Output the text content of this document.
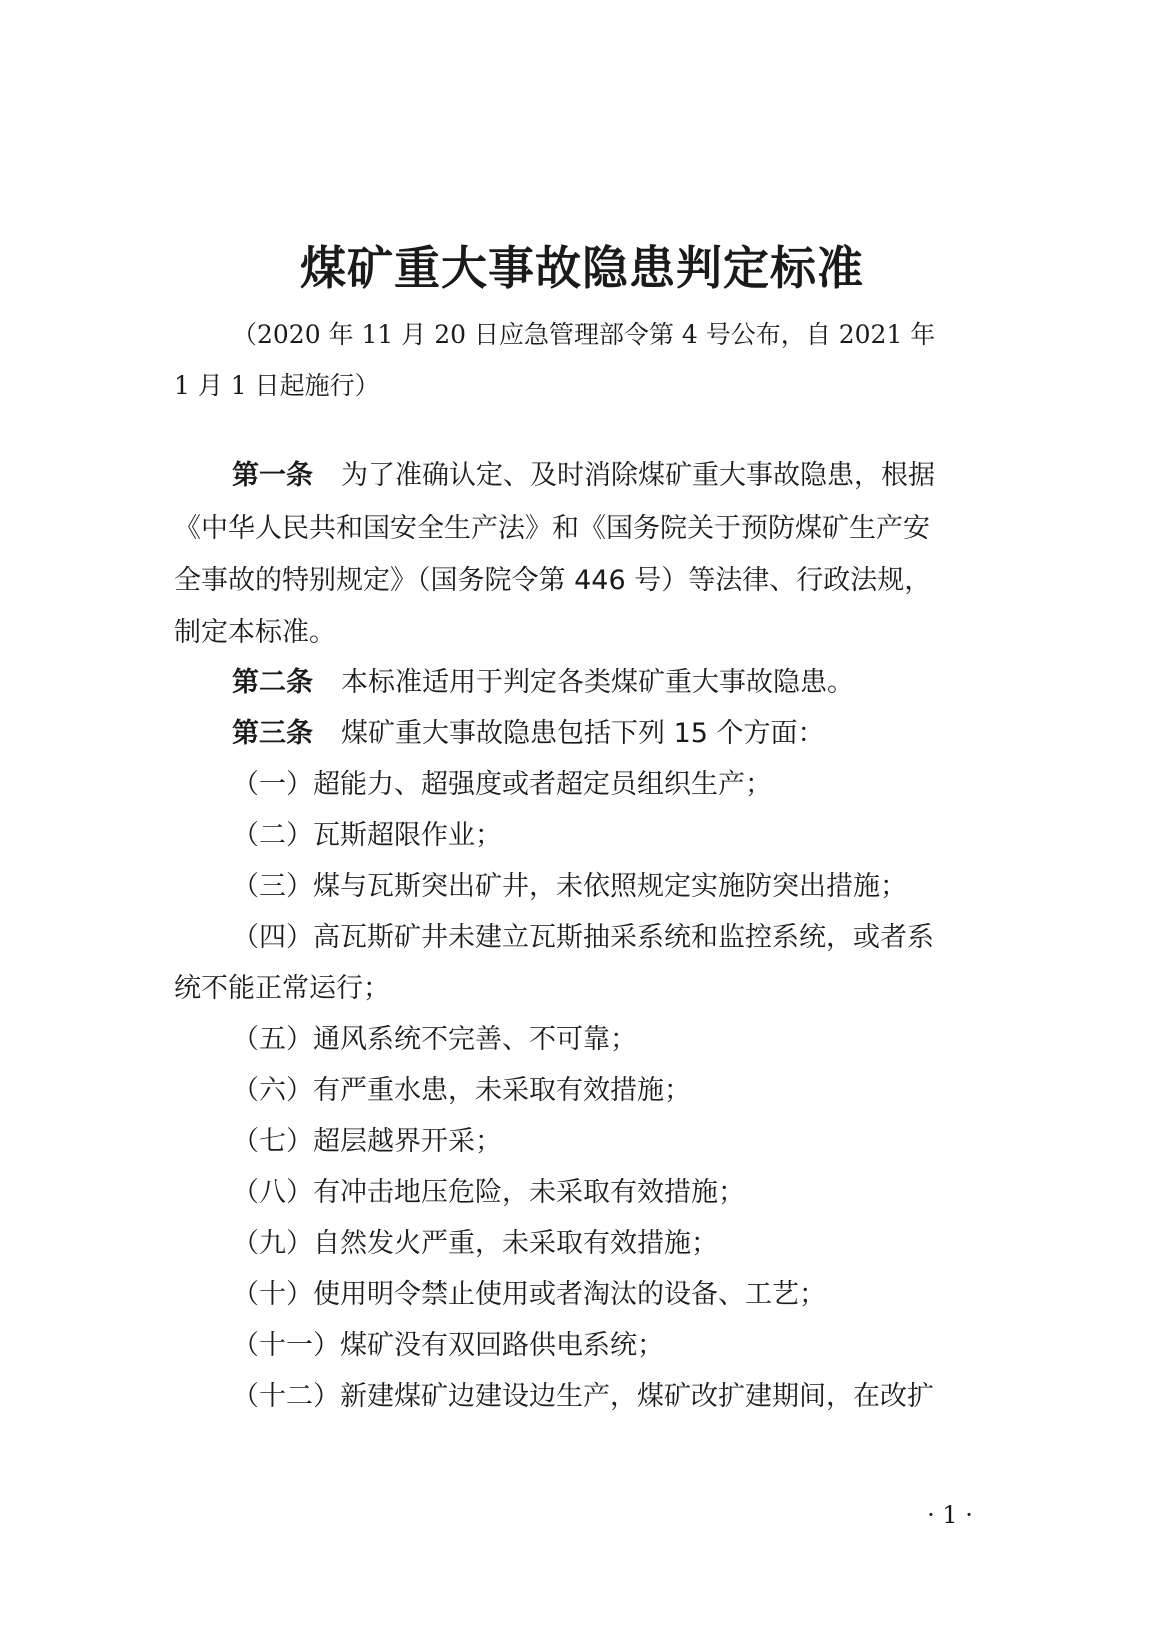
煤矿重大事故隐患判定标准

（2020 年 11 月 20 日应急管理部令第 4 号公布，自 2021 年

1 月 1 日起施行）

第一条 为了准确认定、及时消除煤矿重大事故隐患，根据

《中华人民共和国安全生产法》和《国务院关于预防煤矿生产安

全事故的特别规定》（国务院令第 446 号）等法律、行政法规，

制定本标准。

第二条 本标准适用于判定各类煤矿重大事故隐患。

第三条 煤矿重大事故隐患包括下列 15 个方面：

（一）超能力、超强度或者超定员组织生产；

（二）瓦斯超限作业；

（三）煤与瓦斯突出矿井，未依照规定实施防突出措施；

（四）高瓦斯矿井未建立瓦斯抽采系统和监控系统，或者系

统不能正常运行；

（五）通风系统不完善、不可靠；

（六）有严重水患，未采取有效措施；

（七）超层越界开采；

（八）有冲击地压危险，未采取有效措施；

（九）自然发火严重，未采取有效措施；

（十）使用明令禁止使用或者淘汰的设备、工艺；

（十一）煤矿没有双回路供电系统；

（十二）新建煤矿边建设边生产，煤矿改扩建期间，在改扩

· 1 ·
